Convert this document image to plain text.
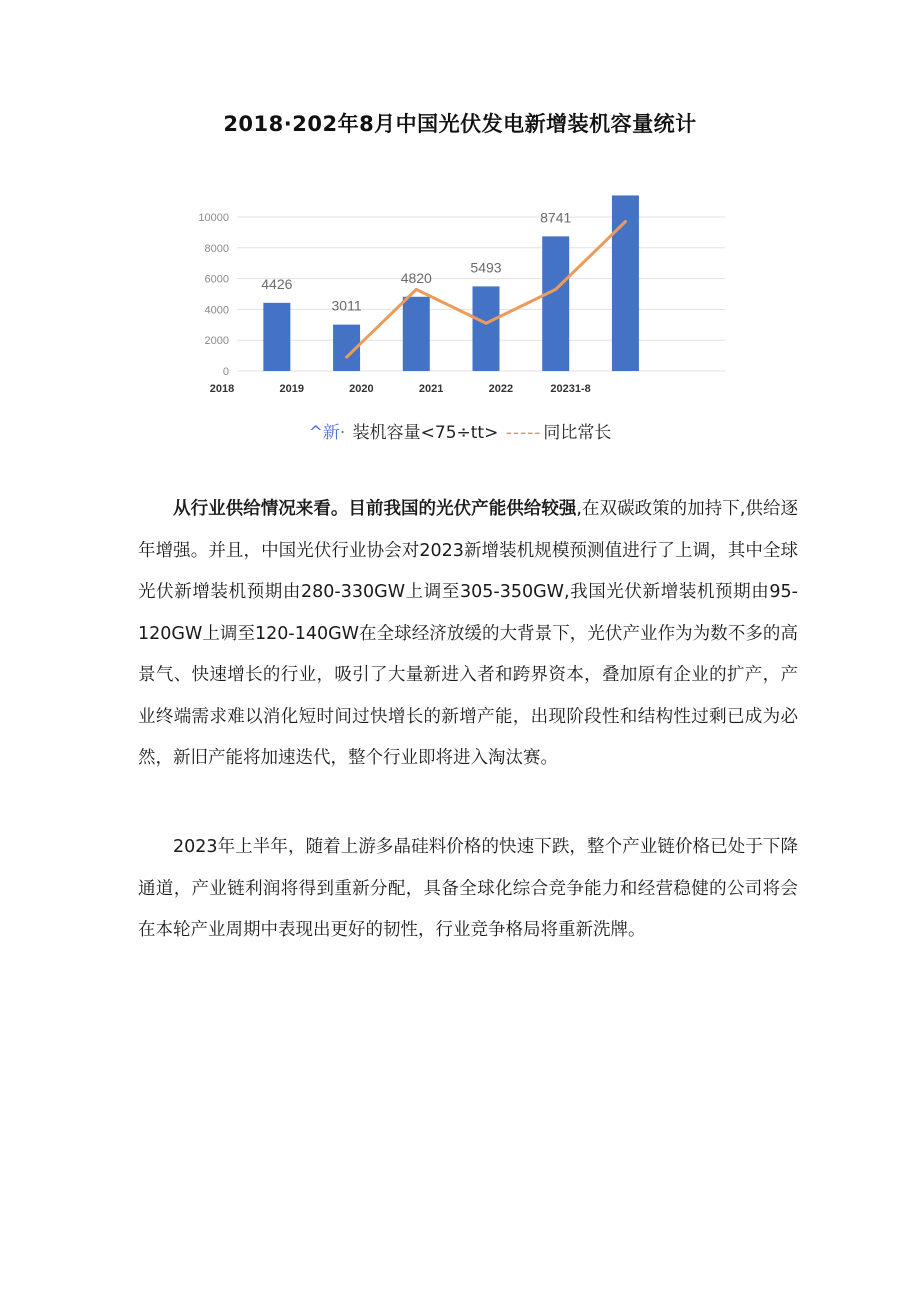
2018·202年8月中国光伏发电新增装机容量统计
0
2000
4000
6000
8000
10000
2018	2019	2020	2021	2022	20231-8
4426
3011
4820
5493
8741
^新· 装机容量<75÷tt> ----- 同比常长
从行业供给情况来看。目前我国的光伏产能供给较强,在双碳政策的加持下,供给逐年增强。并且，中国光伏行业协会对2023新增装机规模预测值进行了上调，其中全球光伏新增装机预期由280-330GW上调至305-350GW,我国光伏新增装机预期由95-120GW上调至120-140GW在全球经济放缓的大背景下，光伏产业作为为数不多的高景气、快速增长的行业，吸引了大量新进入者和跨界资本，叠加原有企业的扩产，产业终端需求难以消化短时间过快增长的新增产能，出现阶段性和结构性过剩已成为必然，新旧产能将加速迭代，整个行业即将进入淘汰赛。
2023年上半年，随着上游多晶硅料价格的快速下跌，整个产业链价格已处于下降通道，产业链利润将得到重新分配，具备全球化综合竞争能力和经营稳健的公司将会在本轮产业周期中表现出更好的韧性，行业竞争格局将重新洗牌。
